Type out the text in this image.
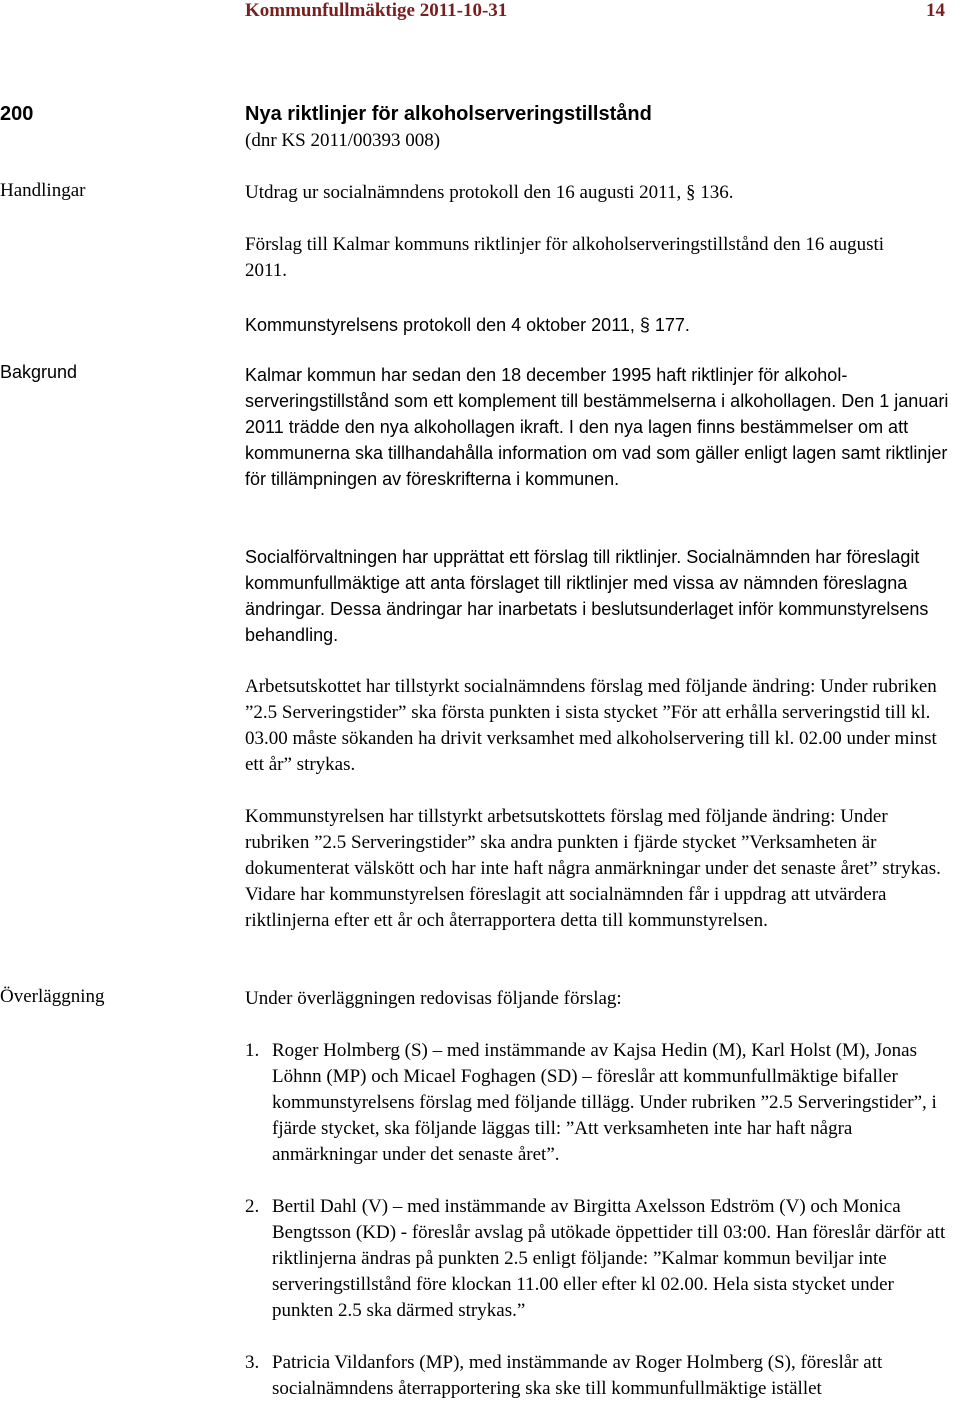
Kommunfullmäktige 2011-10-31	14
200	Nya riktlinjer för alkoholserveringstillstånd
(dnr KS 2011/00393 008)
Handlingar	Utdrag ur socialnämndens protokoll den 16 augusti 2011, § 136.
Förslag till Kalmar kommuns riktlinjer för alkoholserveringstillstånd den 16 augusti 2011.
Kommunstyrelsens protokoll den 4 oktober 2011, § 177.
Bakgrund	Kalmar kommun har sedan den 18 december 1995 haft riktlinjer för alkohol-serveringstillstånd som ett komplement till bestämmelserna i alkohollagen. Den 1 januari 2011 trädde den nya alkohollagen ikraft. I den nya lagen finns bestämmelser om att kommunerna ska tillhandahålla information om vad som gäller enligt lagen samt riktlinjer för tillämpningen av föreskrifterna i kommunen.
Socialförvaltningen har upprättat ett förslag till riktlinjer. Socialnämnden har föreslagit kommunfullmäktige att anta förslaget till riktlinjer med vissa av nämnden föreslagna ändringar. Dessa ändringar har inarbetats i beslutsunderlaget inför kommunstyrelsens behandling.
Arbetsutskottet har tillstyrkt socialnämndens förslag med följande ändring: Under rubriken ”2.5 Serveringstider” ska första punkten i sista stycket ”För att erhålla serveringstid till kl. 03.00 måste sökanden ha drivit verksamhet med alkoholservering till kl. 02.00 under minst ett år” strykas.
Kommunstyrelsen har tillstyrkt arbetsutskottets förslag med följande ändring: Under rubriken ”2.5 Serveringstider” ska andra punkten i fjärde stycket ”Verksamheten är dokumenterat välskött och har inte haft några anmärkningar under det senaste året” strykas. Vidare har kommunstyrelsen föreslagit att socialnämnden får i uppdrag att utvärdera riktlinjerna efter ett år och återrapportera detta till kommunstyrelsen.
Överläggning	Under överläggningen redovisas följande förslag:
1. Roger Holmberg (S) – med instämmande av Kajsa Hedin (M), Karl Holst (M), Jonas Löhnn (MP) och Micael Foghagen (SD) – föreslår att kommunfullmäktige bifaller kommunstyrelsens förslag med följande tillägg. Under rubriken ”2.5 Serveringstider”, i fjärde stycket, ska följande läggas till: ”Att verksamheten inte har haft några anmärkningar under det senaste året”.
2. Bertil Dahl (V) – med instämmande av Birgitta Axelsson Edström (V) och Monica Bengtsson (KD) - föreslår avslag på utökade öppettider till 03:00. Han föreslår därför att riktlinjerna ändras på punkten 2.5 enligt följande: ”Kalmar kommun beviljar inte serveringstillstånd före klockan 11.00 eller efter kl 02.00. Hela sista stycket under punkten 2.5 ska därmed strykas.”
3. Patricia Vildanfors (MP), med instämmande av Roger Holmberg (S), föreslår att socialnämndens återrapportering ska ske till kommunfullmäktige istället
